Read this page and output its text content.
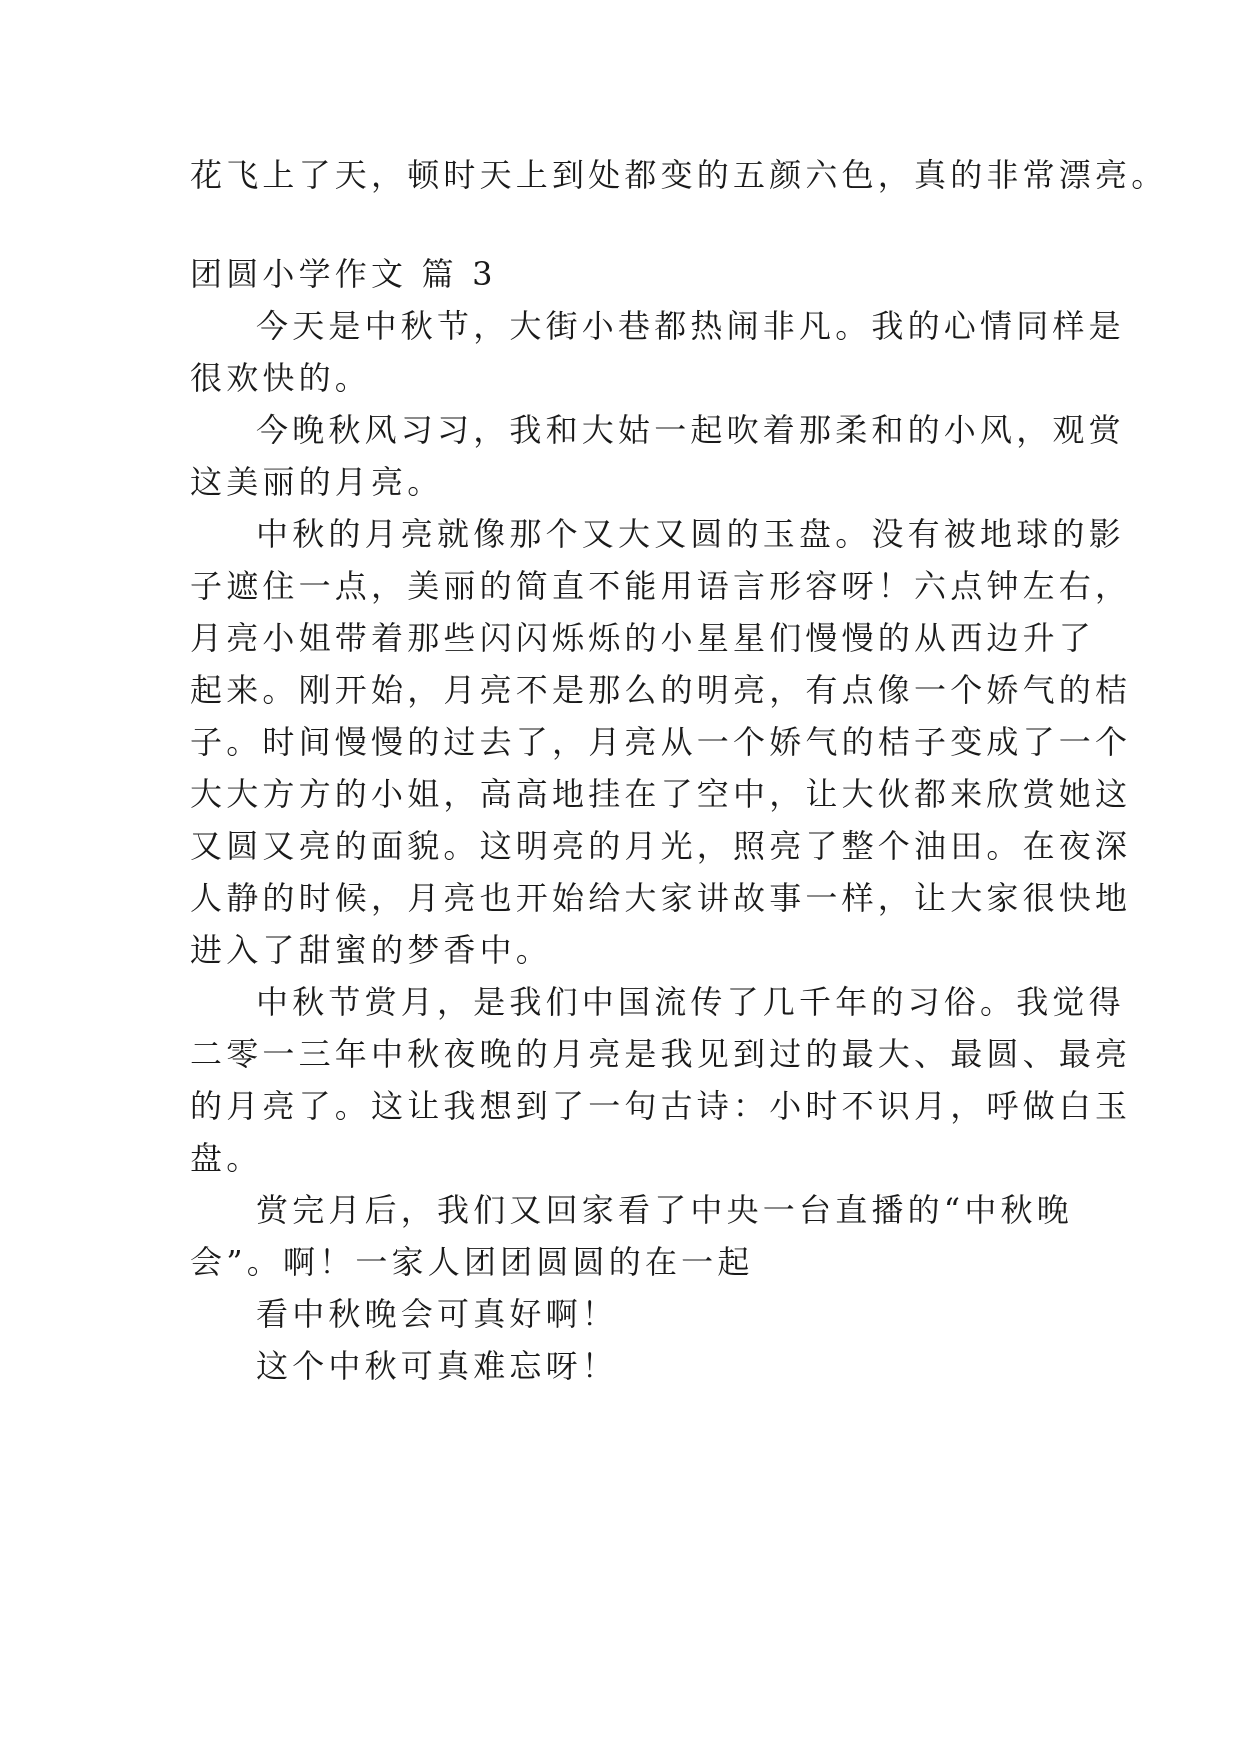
花飞上了天，顿时天上到处都变的五颜六色，真的非常漂亮。
团圆小学作文 篇 3
今天是中秋节，大街小巷都热闹非凡。我的心情同样是
很欢快的。
今晚秋风习习，我和大姑一起吹着那柔和的小风，观赏
这美丽的月亮。
中秋的月亮就像那个又大又圆的玉盘。没有被地球的影
子遮住一点，美丽的简直不能用语言形容呀！六点钟左右，
月亮小姐带着那些闪闪烁烁的小星星们慢慢的从西边升了
起来。刚开始，月亮不是那么的明亮，有点像一个娇气的桔
子。时间慢慢的过去了，月亮从一个娇气的桔子变成了一个
大大方方的小姐，高高地挂在了空中，让大伙都来欣赏她这
又圆又亮的面貌。这明亮的月光，照亮了整个油田。在夜深
人静的时候，月亮也开始给大家讲故事一样，让大家很快地
进入了甜蜜的梦香中。
中秋节赏月，是我们中国流传了几千年的习俗。我觉得
二零一三年中秋夜晚的月亮是我见到过的最大、最圆、最亮
的月亮了。这让我想到了一句古诗：小时不识月，呼做白玉
盘。
赏完月后，我们又回家看了中央一台直播的“中秋晚
会”。啊！一家人团团圆圆的在一起
看中秋晚会可真好啊！
这个中秋可真难忘呀！
